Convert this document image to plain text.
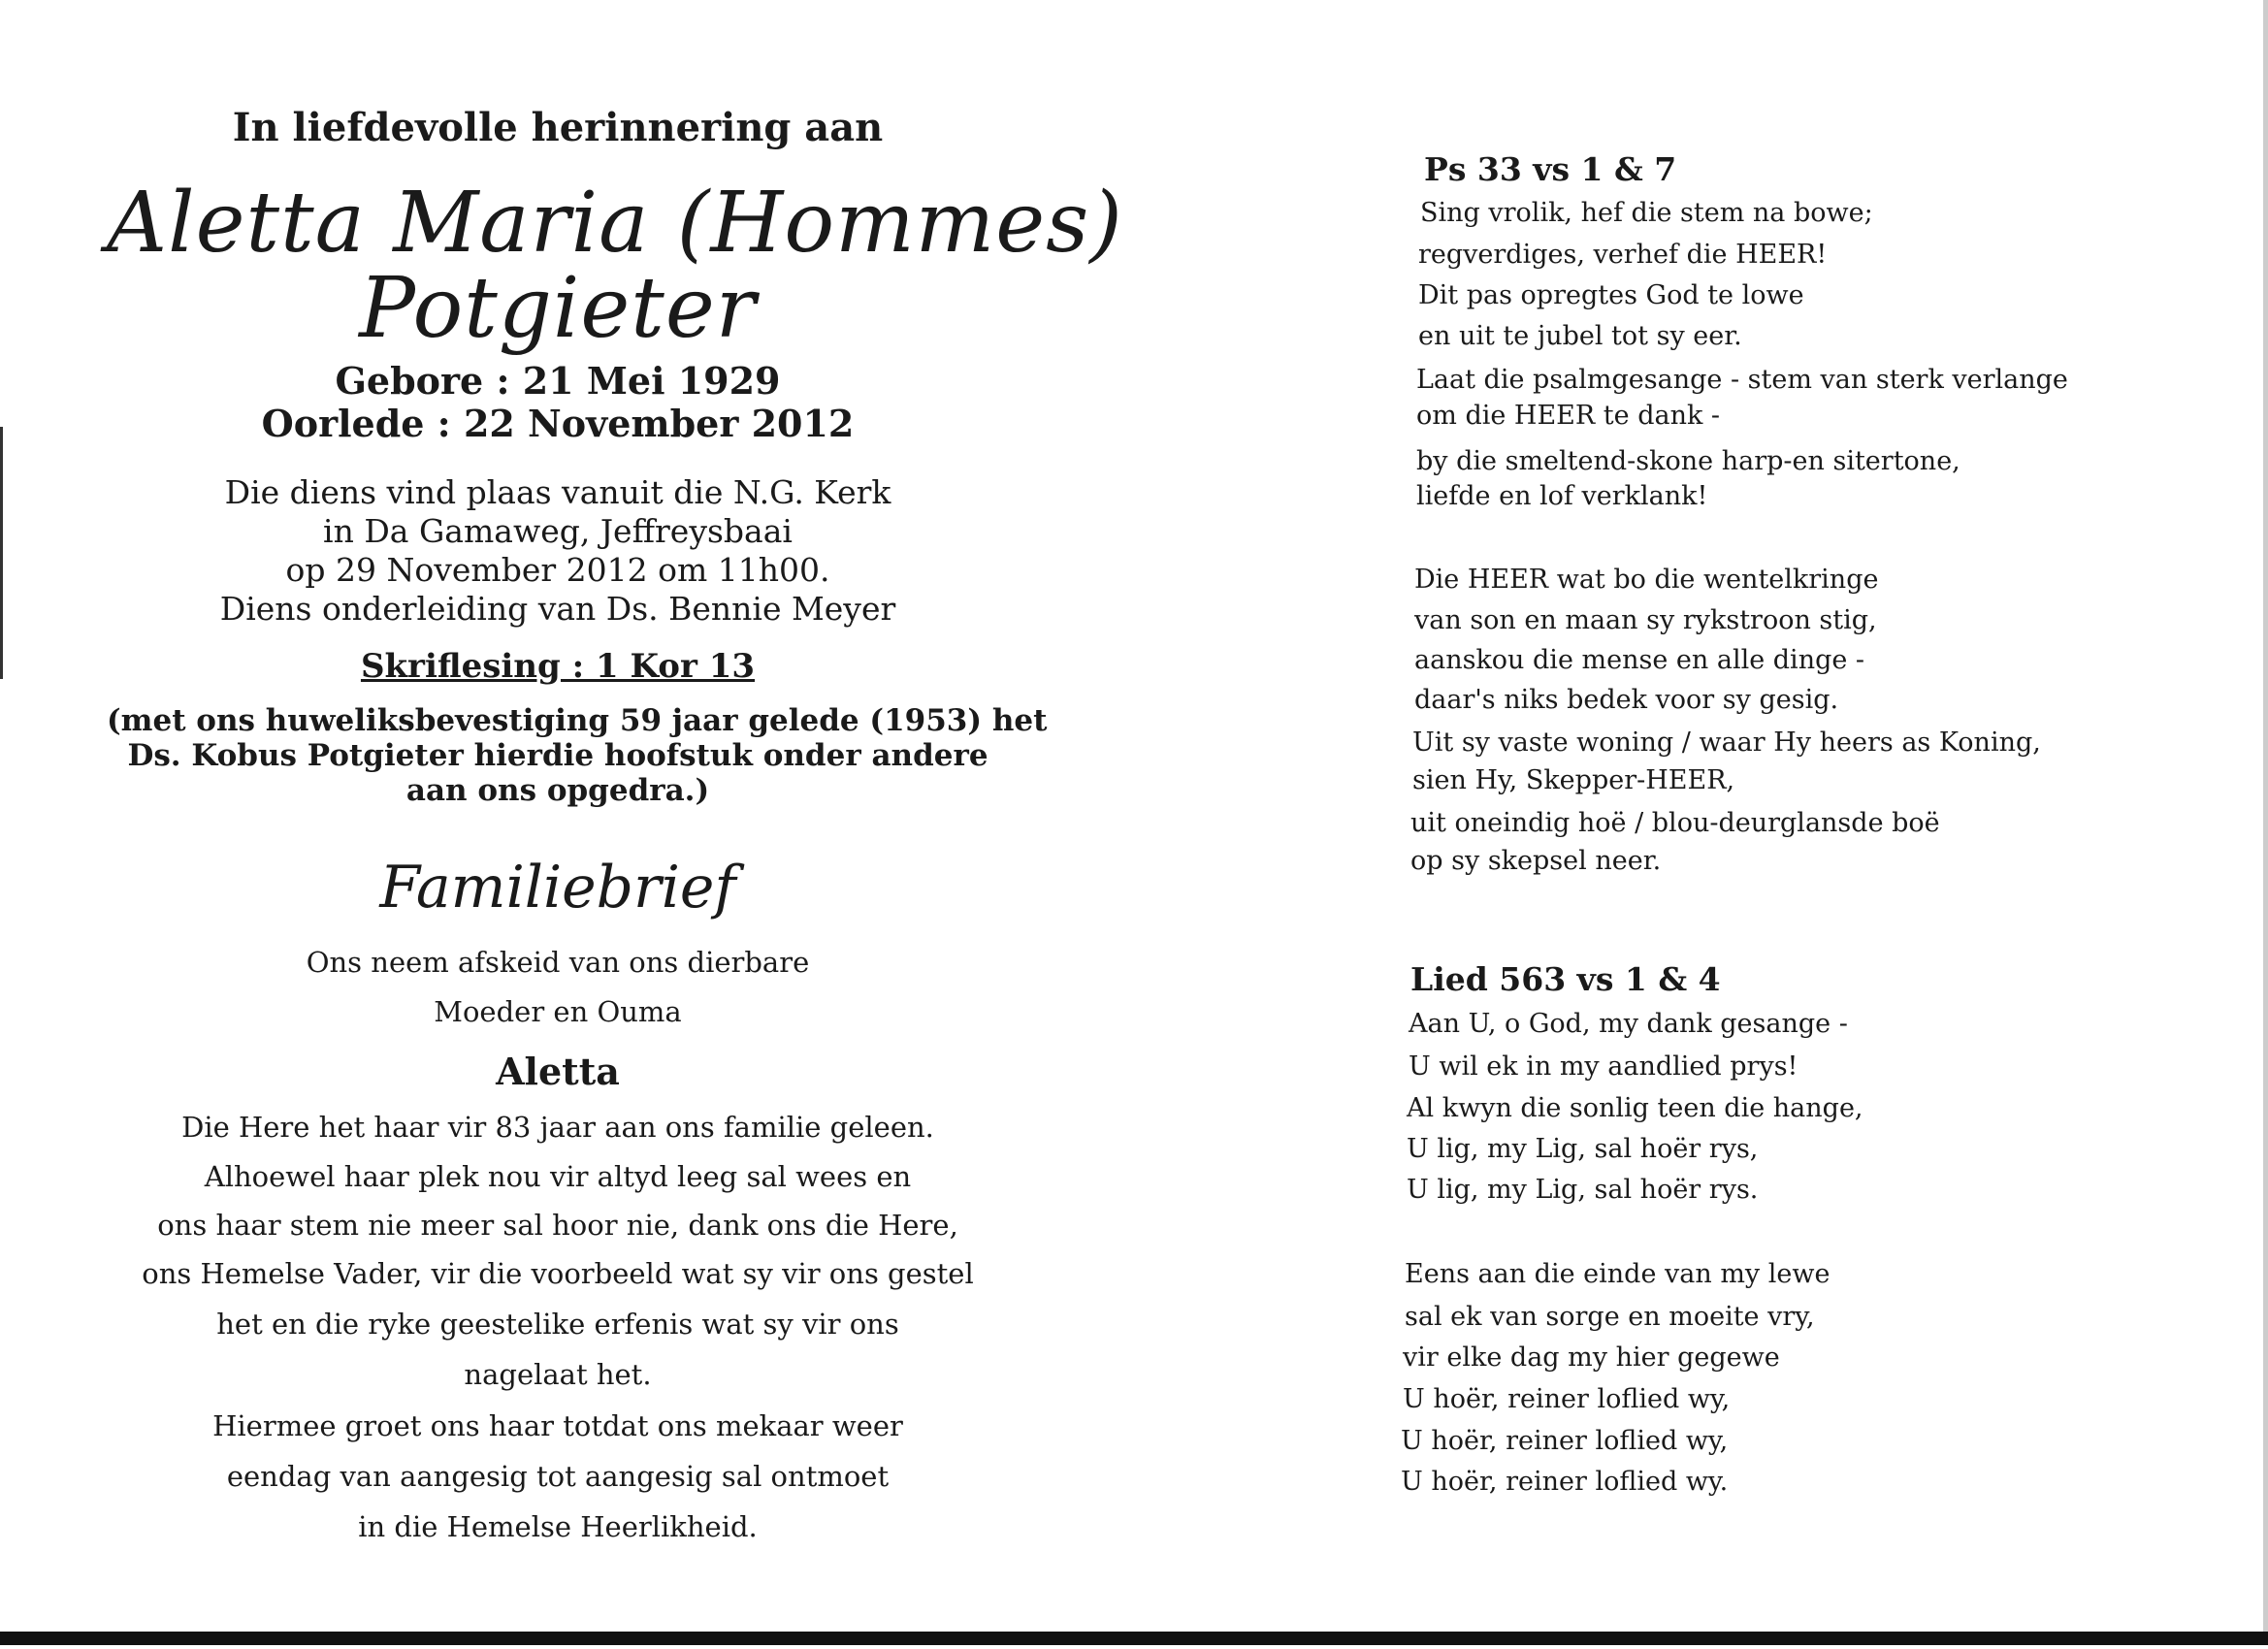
In liefdevolle herinnering aan
Aletta Maria (Hommes)
Potgieter
Gebore : 21 Mei 1929
Oorlede : 22 November 2012
Die diens vind plaas vanuit die N.G. Kerk
in Da Gamaweg, Jeffreysbaai
op 29 November 2012 om 11h00.
Diens onderleiding van Ds. Bennie Meyer
Skriflesing : 1 Kor 13
(met ons huweliksbevestiging 59 jaar gelede (1953) het
Ds. Kobus Potgieter hierdie hoofstuk onder andere
aan ons opgedra.)
Familiebrief
Ons neem afskeid van ons dierbare
Moeder en Ouma
Aletta
Die Here het haar vir 83 jaar aan ons familie geleen.
Alhoewel haar plek nou vir altyd leeg sal wees en
ons haar stem nie meer sal hoor nie, dank ons die Here,
ons Hemelse Vader, vir die voorbeeld wat sy vir ons gestel
het en die ryke geestelike erfenis wat sy vir ons
nagelaat het.
Hiermee groet ons haar totdat ons mekaar weer
eendag van aangesig tot aangesig sal ontmoet
in die Hemelse Heerlikheid.
Ps 33 vs 1 & 7
Sing vrolik, hef die stem na bowe;
regverdiges, verhef die HEER!
Dit pas opregtes God te lowe
en uit te jubel tot sy eer.
Laat die psalmgesange - stem van sterk verlange
om die HEER te dank -
by die smeltend-skone harp-en sitertone,
liefde en lof verklank!
Die HEER wat bo die wentelkringe
van son en maan sy rykstroon stig,
aanskou die mense en alle dinge -
daar's niks bedek voor sy gesig.
Uit sy vaste woning / waar Hy heers as Koning,
sien Hy, Skepper-HEER,
uit oneindig hoë / blou-deurglansde boë
op sy skepsel neer.
Lied 563 vs 1 & 4
Aan U, o God, my dank gesange -
U wil ek in my aandlied prys!
Al kwyn die sonlig teen die hange,
U lig, my Lig, sal hoër rys,
U lig, my Lig, sal hoër rys.
Eens aan die einde van my lewe
sal ek van sorge en moeite vry,
vir elke dag my hier gegewe
U hoër, reiner loflied wy,
U hoër, reiner loflied wy,
U hoër, reiner loflied wy.
